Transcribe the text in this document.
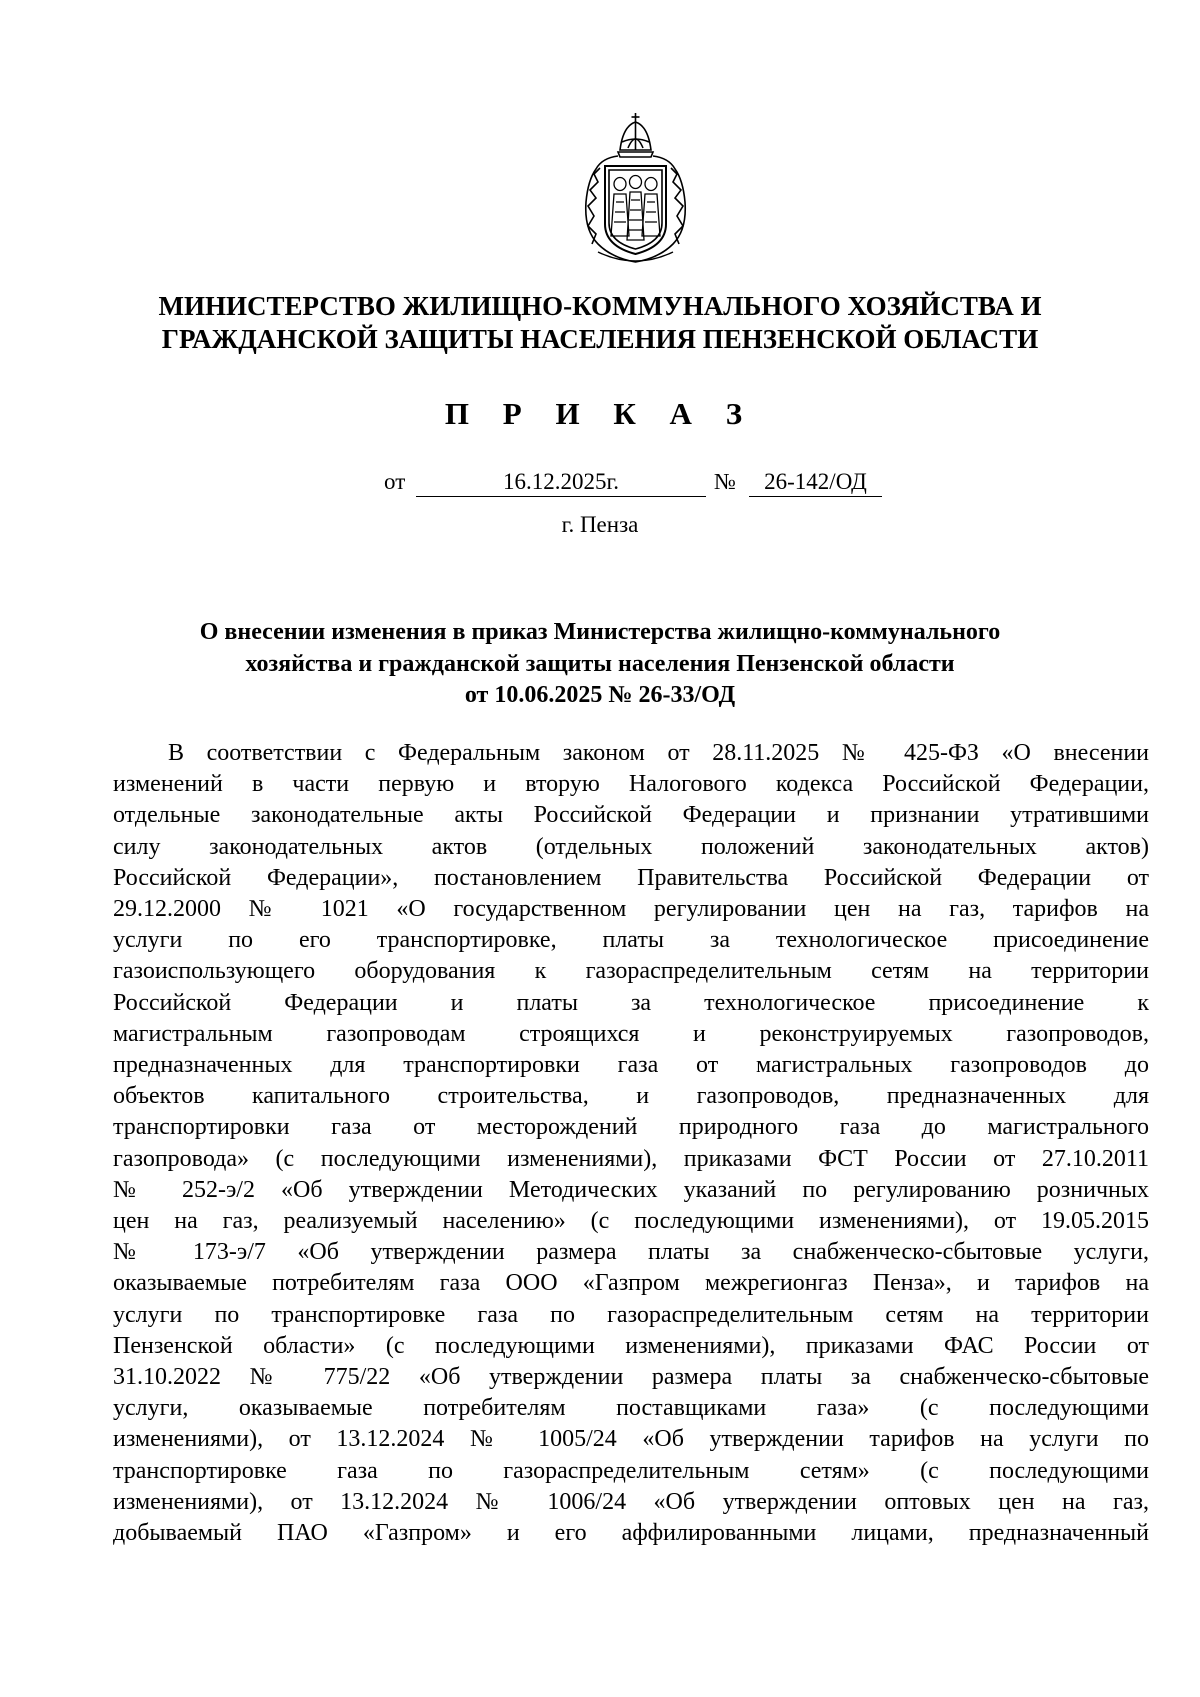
МИНИСТЕРСТВО ЖИЛИЩНО-КОММУНАЛЬНОГО ХОЗЯЙСТВА И
ГРАЖДАНСКОЙ ЗАЩИТЫ НАСЕЛЕНИЯ ПЕНЗЕНСКОЙ ОБЛАСТИ
П Р И К А З
от	16.12.2025г.	№	26-142/ОД
г. Пенза
О внесении изменения в приказ Министерства жилищно-коммунального
хозяйства и гражданской защиты населения Пензенской области
от 10.06.2025 № 26-33/ОД
В соответствии с Федеральным законом от 28.11.2025 № 425-ФЗ «О внесении
изменений в части первую и вторую Налогового кодекса Российской Федерации,
отдельные законодательные акты Российской Федерации и признании утратившими
силу законодательных актов (отдельных положений законодательных актов)
Российской Федерации», постановлением Правительства Российской Федерации от
29.12.2000 № 1021 «О государственном регулировании цен на газ, тарифов на
услуги по его транспортировке, платы за технологическое присоединение
газоиспользующего оборудования к газораспределительным сетям на территории
Российской Федерации и платы за технологическое присоединение к
магистральным газопроводам строящихся и реконструируемых газопроводов,
предназначенных для транспортировки газа от магистральных газопроводов до
объектов капитального строительства, и газопроводов, предназначенных для
транспортировки газа от месторождений природного газа до магистрального
газопровода» (с последующими изменениями), приказами ФСТ России от 27.10.2011
№ 252-э/2 «Об утверждении Методических указаний по регулированию розничных
цен на газ, реализуемый населению» (с последующими изменениями), от 19.05.2015
№ 173-э/7 «Об утверждении размера платы за снабженческо-сбытовые услуги,
оказываемые потребителям газа ООО «Газпром межрегионгаз Пенза», и тарифов на
услуги по транспортировке газа по газораспределительным сетям на территории
Пензенской области» (с последующими изменениями), приказами ФАС России от
31.10.2022 № 775/22 «Об утверждении размера платы за снабженческо-сбытовые
услуги, оказываемые потребителям поставщиками газа» (с последующими
изменениями), от 13.12.2024 № 1005/24 «Об утверждении тарифов на услуги по
транспортировке газа по газораспределительным сетям» (с последующими
изменениями), от 13.12.2024 № 1006/24 «Об утверждении оптовых цен на газ,
добываемый ПАО «Газпром» и его аффилированными лицами, предназначенный
